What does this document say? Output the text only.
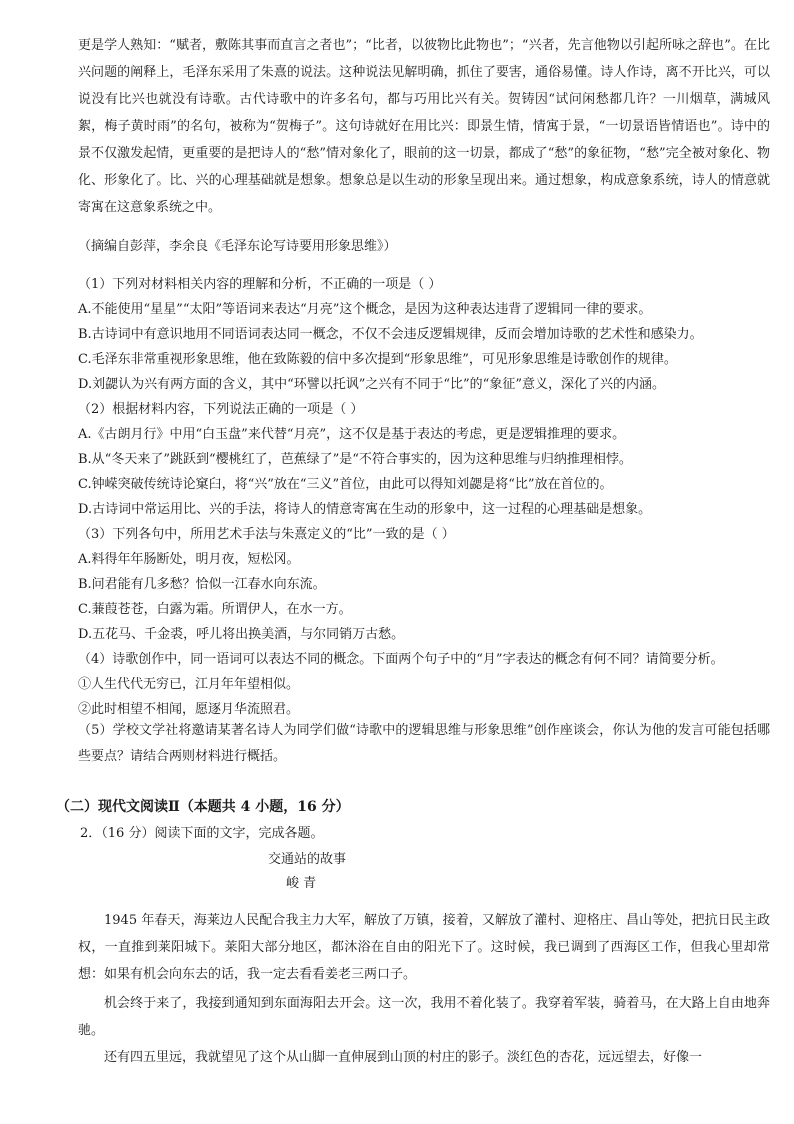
更是学人熟知：“赋者，敷陈其事而直言之者也”；“比者，以彼物比此物也”；“兴者，先言他物以引起所咏之辞也”。在比兴问题的阐释上，毛泽东采用了朱熹的说法。这种说法见解明确，抓住了要害，通俗易懂。诗人作诗，离不开比兴，可以说没有比兴也就没有诗歌。古代诗歌中的许多名句，都与巧用比兴有关。贺铸因“试问闲愁都几许？一川烟草，满城风絮，梅子黄时雨”的名句，被称为“贺梅子”。这句诗就好在用比兴：即景生情，情寓于景，“一切景语皆情语也”。诗中的景不仅激发起情，更重要的是把诗人的“愁”情对象化了，眼前的这一切景，都成了“愁”的象征物，“愁”完全被对象化、物化、形象化了。比、兴的心理基础就是想象。想象总是以生动的形象呈现出来。通过想象，构成意象系统，诗人的情意就寄寓在这意象系统之中。
（摘编自彭萍，李余良《毛泽东论写诗要用形象思维》）
（1）下列对材料相关内容的理解和分析，不正确的一项是（ ）
A.不能使用“星星”“太阳”等语词来表达“月亮”这个概念，是因为这种表达违背了逻辑同一律的要求。
B.古诗词中有意识地用不同语词表达同一概念，不仅不会违反逻辑规律，反而会增加诗歌的艺术性和感染力。
C.毛泽东非常重视形象思维，他在致陈毅的信中多次提到“形象思维”，可见形象思维是诗歌创作的规律。
D.刘勰认为兴有两方面的含义，其中“环譬以托讽”之兴有不同于“比”的“象征”意义，深化了兴的内涵。
（2）根据材料内容，下列说法正确的一项是（ ）
A.《古朗月行》中用“白玉盘”来代替“月亮”，这不仅是基于表达的考虑，更是逻辑推理的要求。
B.从“冬天来了”跳跃到“樱桃红了，芭蕉绿了”是“不符合事实的，因为这种思维与归纳推理相悖。
C.钟嵘突破传统诗论窠臼，将“兴”放在“三义”首位，由此可以得知刘勰是将“比”放在首位的。
D.古诗词中常运用比、兴的手法，将诗人的情意寄寓在生动的形象中，这一过程的心理基础是想象。
（3）下列各句中，所用艺术手法与朱熹定义的“比”一致的是（ ）
A.料得年年肠断处，明月夜，短松冈。
B.问君能有几多愁？恰似一江春水向东流。
C.蒹葭苍苍，白露为霜。所谓伊人，在水一方。
D.五花马、千金裘，呼儿将出换美酒，与尔同销万古愁。
（4）诗歌创作中，同一语词可以表达不同的概念。下面两个句子中的“月”字表达的概念有何不同？请简要分析。
①人生代代无穷已，江月年年望相似。
②此时相望不相闻，愿逐月华流照君。
（5）学校文学社将邀请某著名诗人为同学们做“诗歌中的逻辑思维与形象思维”创作座谈会，你认为他的发言可能包括哪些要点？请结合两则材料进行概括。
（二）现代文阅读Ⅱ（本题共 4 小题，16 分）
2．（16 分）阅读下面的文字，完成各题。
交通站的故事
峻 青
1945 年春天，海莱边人民配合我主力大军，解放了万镇，接着，又解放了灌村、迎格庄、昌山等处，把抗日民主政权，一直推到莱阳城下。莱阳大部分地区，都沐浴在自由的阳光下了。这时候，我已调到了西海区工作，但我心里却常想：如果有机会向东去的话，我一定去看看姜老三两口子。
机会终于来了，我接到通知到东面海阳去开会。这一次，我用不着化装了。我穿着军装，骑着马，在大路上自由地奔驰。
还有四五里远，我就望见了这个从山脚一直伸展到山顶的村庄的影子。淡红色的杏花，远远望去，好像一
